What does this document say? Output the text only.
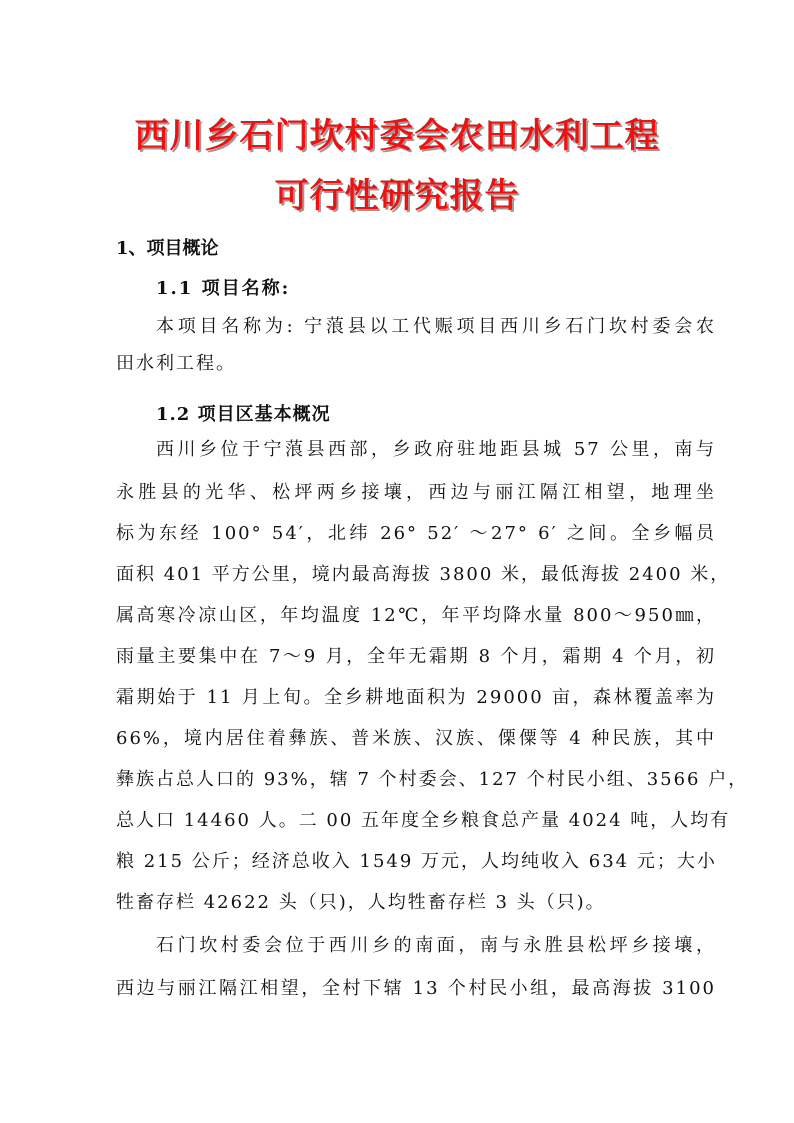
西川乡石门坎村委会农田水利工程
可行性研究报告
1、项目概论
1.1 项目名称:
本项目名称为: 宁蒗县以工代赈项目西川乡石门坎村委会农
田水利工程。
1.2 项目区基本概况
西川乡位于宁蒗县西部，乡政府驻地距县城 57 公里，南与
永胜县的光华、松坪两乡接壤，西边与丽江隔江相望，地理坐
标为东经 100° 54′，北纬 26° 52′ ～27° 6′ 之间。全乡幅员
面积 401 平方公里，境内最高海拔 3800 米，最低海拔 2400 米，
属高寒冷凉山区，年均温度 12℃，年平均降水量 800～950㎜，
雨量主要集中在 7～9 月，全年无霜期 8 个月，霜期 4 个月，初
霜期始于 11 月上旬。全乡耕地面积为 29000 亩，森林覆盖率为
66%，境内居住着彝族、普米族、汉族、傈僳等 4 种民族，其中
彝族占总人口的 93%，辖 7 个村委会、127 个村民小组、3566 户，
总人口 14460 人。二 00 五年度全乡粮食总产量 4024 吨，人均有
粮 215 公斤；经济总收入 1549 万元，人均纯收入 634 元；大小
牲畜存栏 42622 头（只)，人均牲畜存栏 3 头（只)。
石门坎村委会位于西川乡的南面，南与永胜县松坪乡接壤，
西边与丽江隔江相望，全村下辖 13 个村民小组，最高海拔 3100
